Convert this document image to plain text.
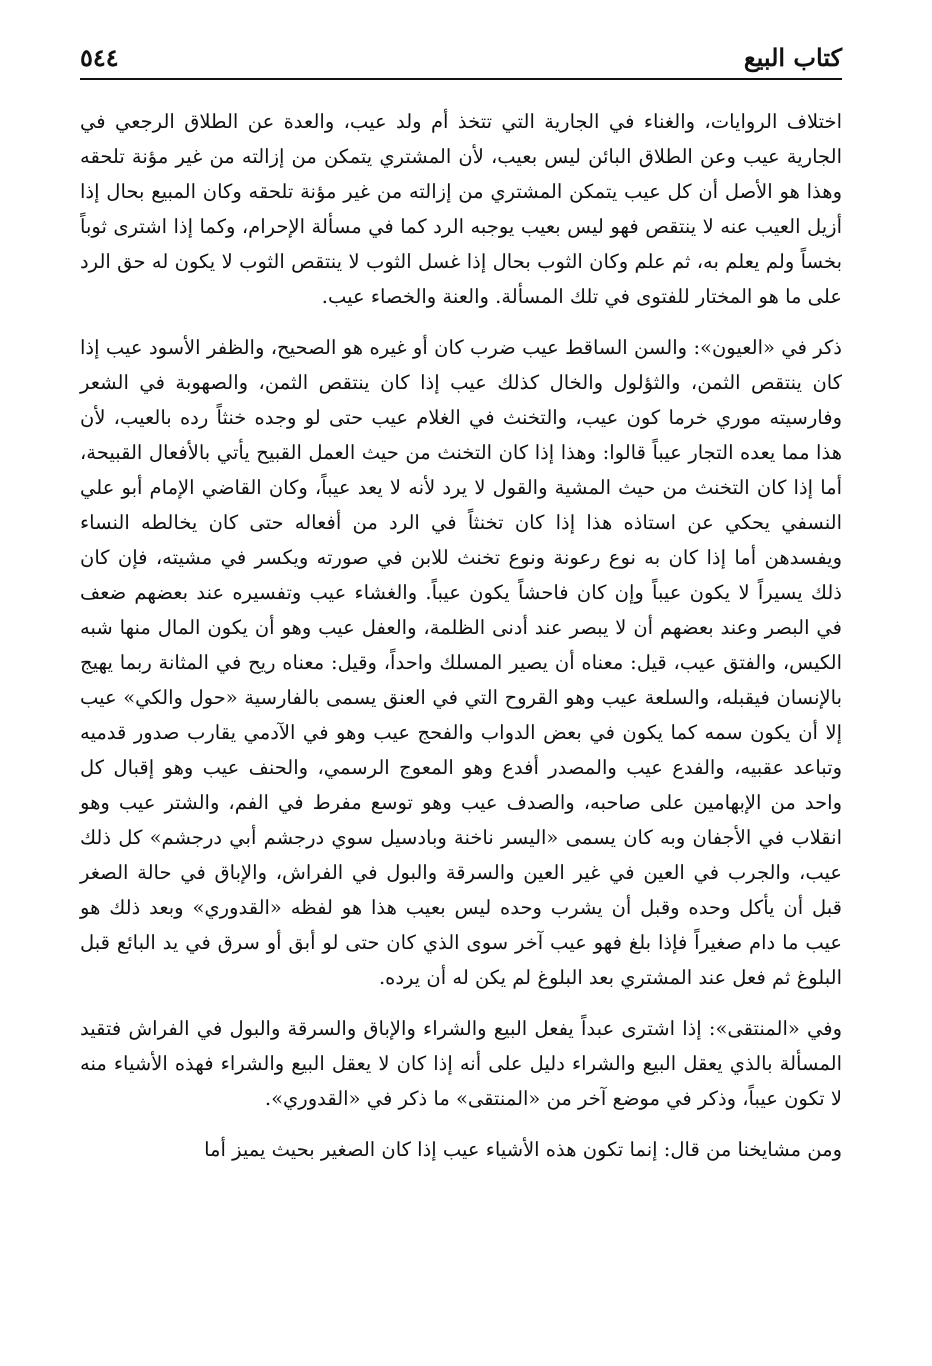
كتاب البيع
٥٤٤

اختلاف الروايات، والغناء في الجارية التي تتخذ أم ولد عيب، والعدة عن الطلاق الرجعي في الجارية عيب وعن الطلاق البائن ليس بعيب، لأن المشتري يتمكن من إزالته من غير مؤنة تلحقه وهذا هو الأصل أن كل عيب يتمكن المشتري من إزالته من غير مؤنة تلحقه وكان المبيع بحال إذا أزيل العيب عنه لا ينتقص فهو ليس بعيب يوجبه الرد كما في مسألة الإحرام، وكما إذا اشترى ثوباً بخساً ولم يعلم به، ثم علم وكان الثوب بحال إذا غسل الثوب لا ينتقص الثوب لا يكون له حق الرد على ما هو المختار للفتوى في تلك المسألة. والعنة والخصاء عيب.

ذكر في «العيون»: والسن الساقط عيب ضرب كان أو غيره هو الصحيح، والظفر الأسود عيب إذا كان ينتقص الثمن، والثؤلول والخال كذلك عيب إذا كان ينتقص الثمن، والصهوبة في الشعر وفارسيته موري خرما كون عيب، والتخنث في الغلام عيب حتى لو وجده خنثاً رده بالعيب، لأن هذا مما يعده التجار عيباً قالوا: وهذا إذا كان التخنث من حيث العمل القبيح يأتي بالأفعال القبيحة، أما إذا كان التخنث من حيث المشية والقول لا يرد لأنه لا يعد عيباً، وكان القاضي الإمام أبو علي النسفي يحكي عن استاذه هذا إذا كان تخنثاً في الرد من أفعاله حتى كان يخالطه النساء ويفسدهن أما إذا كان به نوع رعونة ونوع تخنث للابن في صورته ويكسر في مشيته، فإن كان ذلك يسيراً لا يكون عيباً وإن كان فاحشاً يكون عيباً. والغشاء عيب وتفسيره عند بعضهم ضعف في البصر وعند بعضهم أن لا يبصر عند أدنى الظلمة، والعفل عيب وهو أن يكون المال منها شبه الكيس، والفتق عيب، قيل: معناه أن يصير المسلك واحداً، وقيل: معناه ريح في المثانة ربما يهيج بالإنسان فيقبله، والسلعة عيب وهو القروح التي في العنق يسمى بالفارسية «حول والكي» عيب إلا أن يكون سمه كما يكون في بعض الدواب والفحج عيب وهو في الآدمي يقارب صدور قدميه وتباعد عقبيه، والفدع عيب والمصدر أفدع وهو المعوج الرسمي، والحنف عيب وهو إقبال كل واحد من الإبهامين على صاحبه، والصدف عيب وهو توسع مفرط في الفم، والشتر عيب وهو انقلاب في الأجفان وبه كان يسمى «اليسر ناخنة وبادسيل سوي درجشم أبي درجشم» كل ذلك عيب، والجرب في العين في غير العين والسرقة والبول في الفراش، والإباق في حالة الصغر قبل أن يأكل وحده وقبل أن يشرب وحده ليس بعيب هذا هو لفظه «القدوري» وبعد ذلك هو عيب ما دام صغيراً فإذا بلغ فهو عيب آخر سوى الذي كان حتى لو أبق أو سرق في يد البائع قبل البلوغ ثم فعل عند المشتري بعد البلوغ لم يكن له أن يرده.

وفي «المنتقى»: إذا اشترى عبداً يفعل البيع والشراء والإباق والسرقة والبول في الفراش فتقيد المسألة بالذي يعقل البيع والشراء دليل على أنه إذا كان لا يعقل البيع والشراء فهذه الأشياء منه لا تكون عيباً، وذكر في موضع آخر من «المنتقى» ما ذكر في «القدوري».

ومن مشايخنا من قال: إنما تكون هذه الأشياء عيب إذا كان الصغير بحيث يميز أما
